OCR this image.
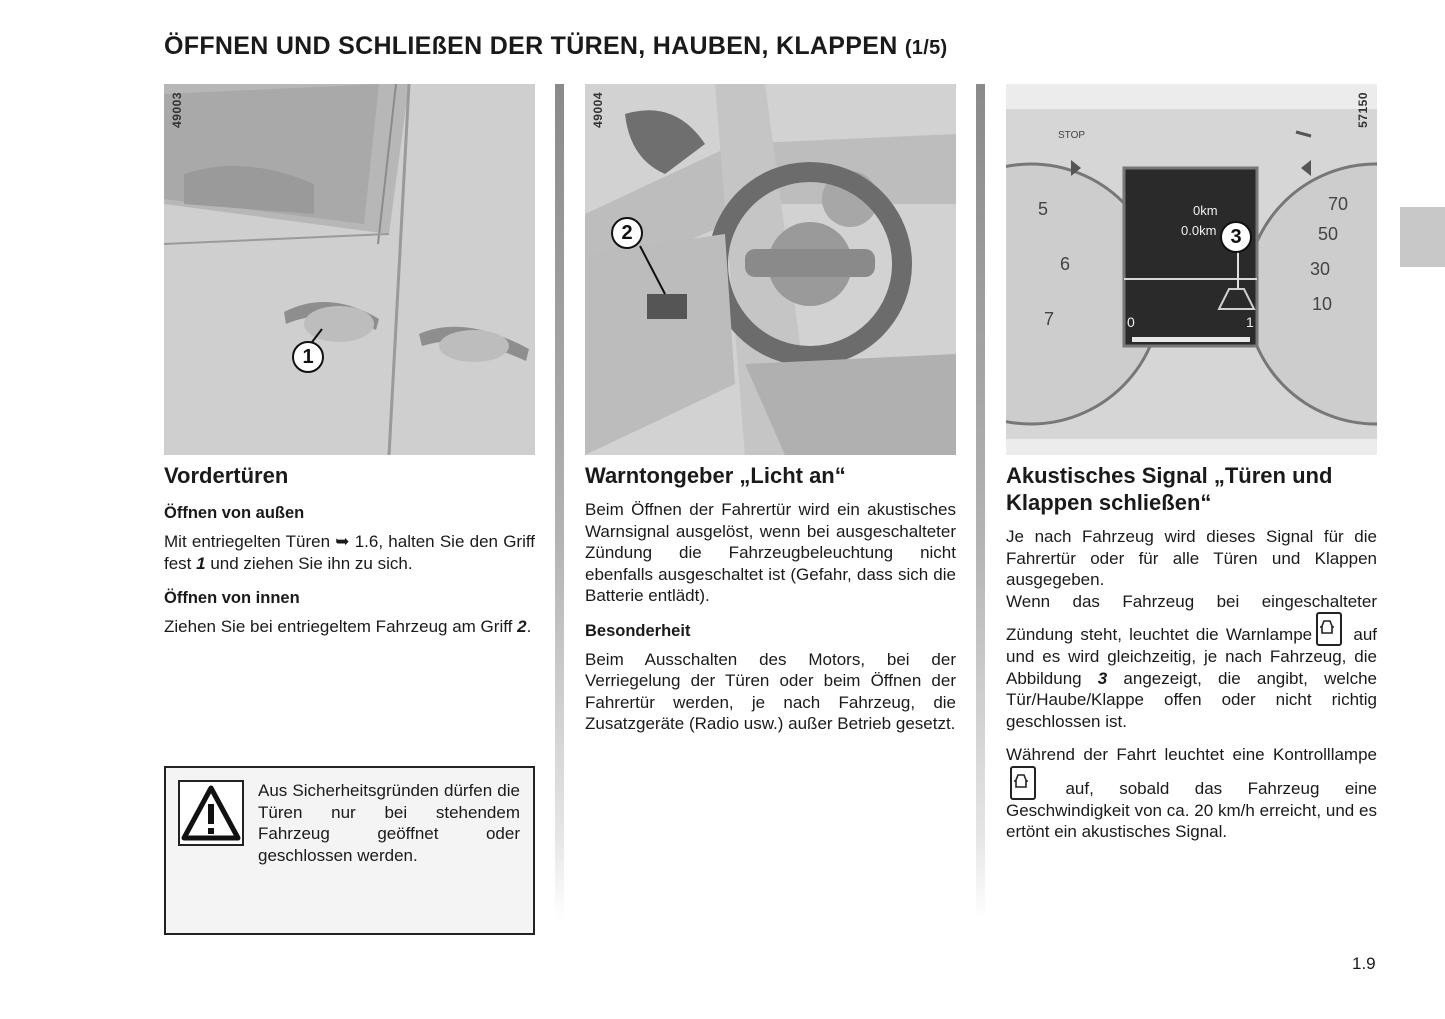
ÖFFNEN UND SCHLIEßEN DER TÜREN, HAUBEN, KLAPPEN (1/5)
49003
1
49004
2
70
50
30
10
5
6
7
STOP
0km
0.0km
0	1
57150
3
Vordertüren
Öffnen von außen

Mit entriegelten Türen ➥ 1.6, halten Sie den Griff fest 1 und ziehen Sie ihn zu sich.

Öffnen von innen

Ziehen Sie bei entriegeltem Fahrzeug am Griff 2.

Aus Sicherheitsgründen dürfen die Türen nur bei stehendem Fahrzeug geöffnet oder geschlossen werden.

Warntongeber „Licht an“

Beim Öffnen der Fahrertür wird ein akustisches Warnsignal ausgelöst, wenn bei ausgeschalteter Zündung die Fahrzeugbeleuchtung nicht ebenfalls ausgeschaltet ist (Gefahr, dass sich die Batterie entlädt).

Besonderheit

Beim Ausschalten des Motors, bei der Verriegelung der Türen oder beim Öffnen der Fahrertür werden, je nach Fahrzeug, die Zusatzgeräte (Radio usw.) außer Betrieb gesetzt.

Akustisches Signal „Türen und Klappen schließen“

Je nach Fahrzeug wird dieses Signal für die Fahrertür oder für alle Türen und Klappen ausgegeben.

Wenn das Fahrzeug bei eingeschalteter Zündung steht, leuchtet die Warnlampe auf und es wird gleichzeitig, je nach Fahrzeug, die Abbildung 3 angezeigt, die angibt, welche Tür/Haube/Klappe offen oder nicht richtig geschlossen ist.

Während der Fahrt leuchtet eine Kontrolllampe
auf, sobald das Fahrzeug eine Geschwindigkeit von ca. 20 km/h erreicht, und es ertönt ein akustisches Signal.

1.9
